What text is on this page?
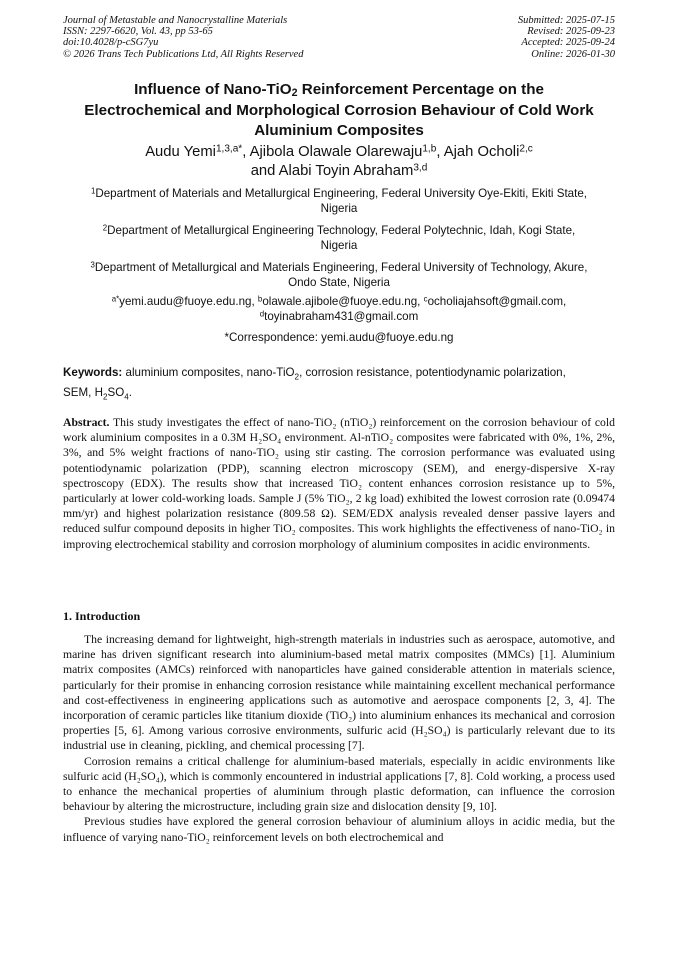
Journal of Metastable and Nanocrystalline Materials
ISSN: 2297-6620, Vol. 43, pp 53-65
doi:10.4028/p-cSG7yu
© 2026 Trans Tech Publications Ltd, All Rights Reserved
Submitted: 2025-07-15
Revised: 2025-09-23
Accepted: 2025-09-24
Online: 2026-01-30
Influence of Nano-TiO$_2$ Reinforcement Percentage on the
Electrochemical and Morphological Corrosion Behaviour of Cold Work
Aluminium Composites
Audu Yemi$^{1,3,a*}$, Ajibola Olawale Olarewaju$^{1,b}$, Ajah Ocholi$^{2,c}$
and Alabi Toyin Abraham$^{3,d}$
$^1$Department of Materials and Metallurgical Engineering, Federal University Oye-Ekiti, Ekiti State,
Nigeria
$^2$Department of Metallurgical Engineering Technology, Federal Polytechnic, Idah, Kogi State,
Nigeria
$^3$Department of Metallurgical and Materials Engineering, Federal University of Technology, Akure,
Ondo State, Nigeria
$^{a*}$yemi.audu@fuoye.edu.ng, $^b$olawale.ajibole@fuoye.edu.ng, $^c$ocholiajahsoft@gmail.com,
$^d$toyinabraham431@gmail.com
*Correspondence: yemi.audu@fuoye.edu.ng
Keywords: aluminium composites, nano-TiO$_2$, corrosion resistance, potentiodynamic polarization,
SEM, $H_2SO_4$.
Abstract. This study investigates the effect of nano-TiO₂ (nTiO₂) reinforcement on the corrosion behaviour of cold work aluminium composites in a 0.3M H₂SO₄ environment. Al-nTiO₂ composites were fabricated with 0%, 1%, 2%, 3%, and 5% weight fractions of nano-TiO₂ using stir casting. The corrosion performance was evaluated using potentiodynamic polarization (PDP), scanning electron microscopy (SEM), and energy-dispersive X-ray spectroscopy (EDX). The results show that increased TiO₂ content enhances corrosion resistance up to 5%, particularly at lower cold-working loads. Sample J (5% TiO₂, 2 kg load) exhibited the lowest corrosion rate (0.09474 mm/yr) and highest polarization resistance (809.58 Ω). SEM/EDX analysis revealed denser passive layers and reduced sulfur compound deposits in higher TiO₂ composites. This work highlights the effectiveness of nano-TiO₂ in improving electrochemical stability and corrosion morphology of aluminium composites in acidic environments.
1. Introduction

The increasing demand for lightweight, high-strength materials in industries such as aerospace, automotive, and marine has driven significant research into aluminium-based metal matrix composites (MMCs) [1]. Aluminium matrix composites (AMCs) reinforced with nanoparticles have gained considerable attention in materials science, particularly for their promise in enhancing corrosion resistance while maintaining excellent mechanical performance and cost-effectiveness in engineering applications such as automotive and aerospace components [2, 3, 4]. The incorporation of ceramic particles like titanium dioxide (TiO₂) into aluminium enhances its mechanical and corrosion properties [5, 6]. Among various corrosive environments, sulfuric acid (H₂SO₄) is particularly relevant due to its industrial use in cleaning, pickling, and chemical processing [7].

Corrosion remains a critical challenge for aluminium-based materials, especially in acidic environments like sulfuric acid (H₂SO₄), which is commonly encountered in industrial applications [7, 8]. Cold working, a process used to enhance the mechanical properties of aluminium through plastic deformation, can influence the corrosion behaviour by altering the microstructure, including grain size and dislocation density [9, 10].

Previous studies have explored the general corrosion behaviour of aluminium alloys in acidic media, but the influence of varying nano-TiO₂ reinforcement levels on both electrochemical and
